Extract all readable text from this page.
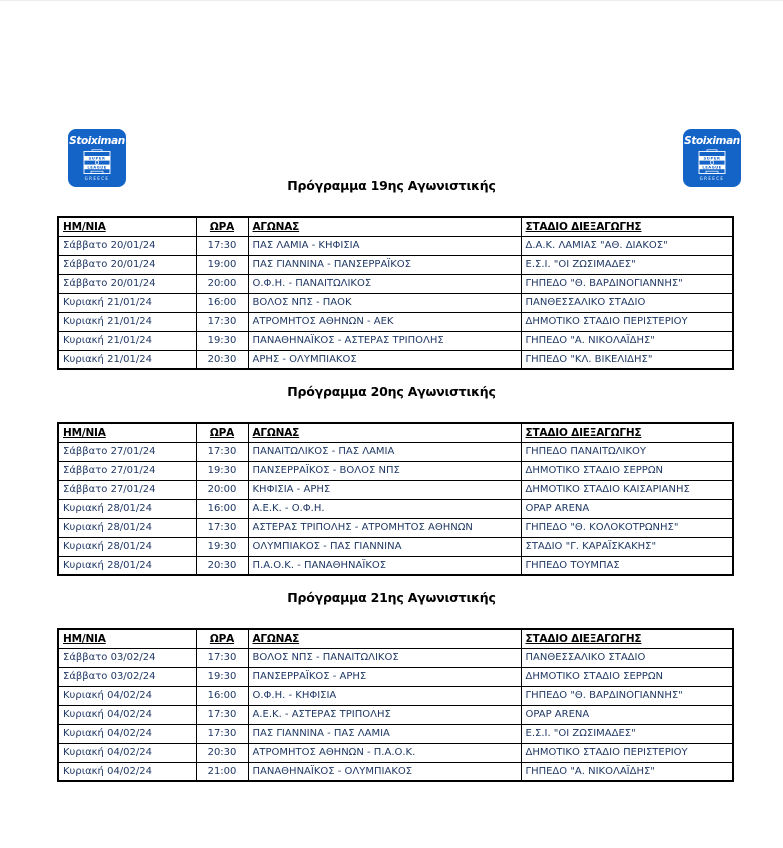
Stoiximan
SUPER
LEAGUE
GREECE
Stoiximan
SUPER
LEAGUE
GREECE
Πρόγραμμα 19ης Αγωνιστικής
ΗΜ/ΝΙΑ	ΩΡΑ	ΑΓΩΝΑΣ	ΣΤΑΔΙΟ ΔΙΕΞΑΓΩΓΗΣ
Σάββατο 20/01/24	17:30	ΠΑΣ ΛΑΜΙΑ - ΚΗΦΙΣΙΑ	Δ.Α.Κ. ΛΑΜΙΑΣ "ΑΘ. ΔΙΑΚΟΣ"
Σάββατο 20/01/24	19:00	ΠΑΣ ΓΙΑΝΝΙΝΑ - ΠΑΝΣΕΡΡΑΪΚΟΣ	Ε.Σ.Ι. "ΟΙ ΖΩΣΙΜΑΔΕΣ"
Σάββατο 20/01/24	20:00	Ο.Φ.Η. - ΠΑΝΑΙΤΩΛΙΚΟΣ	ΓΗΠΕΔΟ "Θ. ΒΑΡΔΙΝΟΓΙΑΝΝΗΣ"
Κυριακή 21/01/24	16:00	ΒΟΛΟΣ ΝΠΣ - ΠΑΟΚ	ΠΑΝΘΕΣΣΑΛΙΚΟ ΣΤΑΔΙΟ
Κυριακή 21/01/24	17:30	ΑΤΡΟΜΗΤΟΣ ΑΘΗΝΩΝ - ΑΕΚ	ΔΗΜΟΤΙΚΟ ΣΤΑΔΙΟ ΠΕΡΙΣΤΕΡΙΟΥ
Κυριακή 21/01/24	19:30	ΠΑΝΑΘΗΝΑΪΚΟΣ - ΑΣΤΕΡΑΣ ΤΡΙΠΟΛΗΣ	ΓΗΠΕΔΟ "Α. ΝΙΚΟΛΑΪΔΗΣ"
Κυριακή 21/01/24	20:30	ΑΡΗΣ - ΟΛΥΜΠΙΑΚΟΣ	ΓΗΠΕΔΟ "ΚΛ. ΒΙΚΕΛΙΔΗΣ"
Πρόγραμμα 20ης Αγωνιστικής
ΗΜ/ΝΙΑ	ΩΡΑ	ΑΓΩΝΑΣ	ΣΤΑΔΙΟ ΔΙΕΞΑΓΩΓΗΣ
Σάββατο 27/01/24	17:30	ΠΑΝΑΙΤΩΛΙΚΟΣ - ΠΑΣ ΛΑΜΙΑ	ΓΗΠΕΔΟ ΠΑΝΑΙΤΩΛΙΚΟΥ
Σάββατο 27/01/24	19:30	ΠΑΝΣΕΡΡΑΪΚΟΣ - ΒΟΛΟΣ ΝΠΣ	ΔΗΜΟΤΙΚΟ ΣΤΑΔΙΟ ΣΕΡΡΩΝ
Σάββατο 27/01/24	20:00	ΚΗΦΙΣΙΑ - ΑΡΗΣ	ΔΗΜΟΤΙΚΟ ΣΤΑΔΙΟ ΚΑΙΣΑΡΙΑΝΗΣ
Κυριακή 28/01/24	16:00	Α.Ε.Κ. - Ο.Φ.Η.	OPAP ARENA
Κυριακή 28/01/24	17:30	ΑΣΤΕΡΑΣ ΤΡΙΠΟΛΗΣ - ΑΤΡΟΜΗΤΟΣ ΑΘΗΝΩΝ	ΓΗΠΕΔΟ "Θ. ΚΟΛΟΚΟΤΡΩΝΗΣ"
Κυριακή 28/01/24	19:30	ΟΛΥΜΠΙΑΚΟΣ - ΠΑΣ ΓΙΑΝΝΙΝΑ	ΣΤΑΔΙΟ "Γ. ΚΑΡΑΪΣΚΑΚΗΣ"
Κυριακή 28/01/24	20:30	Π.Α.Ο.Κ. - ΠΑΝΑΘΗΝΑΪΚΟΣ	ΓΗΠΕΔΟ ΤΟΥΜΠΑΣ
Πρόγραμμα 21ης Αγωνιστικής
ΗΜ/ΝΙΑ	ΩΡΑ	ΑΓΩΝΑΣ	ΣΤΑΔΙΟ ΔΙΕΞΑΓΩΓΗΣ
Σάββατο 03/02/24	17:30	ΒΟΛΟΣ ΝΠΣ - ΠΑΝΑΙΤΩΛΙΚΟΣ	ΠΑΝΘΕΣΣΑΛΙΚΟ ΣΤΑΔΙΟ
Σάββατο 03/02/24	19:30	ΠΑΝΣΕΡΡΑΪΚΟΣ - ΑΡΗΣ	ΔΗΜΟΤΙΚΟ ΣΤΑΔΙΟ ΣΕΡΡΩΝ
Κυριακή 04/02/24	16:00	Ο.Φ.Η. - ΚΗΦΙΣΙΑ	ΓΗΠΕΔΟ "Θ. ΒΑΡΔΙΝΟΓΙΑΝΝΗΣ"
Κυριακή 04/02/24	17:30	Α.Ε.Κ. - ΑΣΤΕΡΑΣ ΤΡΙΠΟΛΗΣ	OPAP ARENA
Κυριακή 04/02/24	17:30	ΠΑΣ ΓΙΑΝΝΙΝΑ - ΠΑΣ ΛΑΜΙΑ	Ε.Σ.Ι. "ΟΙ ΖΩΣΙΜΑΔΕΣ"
Κυριακή 04/02/24	20:30	ΑΤΡΟΜΗΤΟΣ ΑΘΗΝΩΝ - Π.Α.Ο.Κ.	ΔΗΜΟΤΙΚΟ ΣΤΑΔΙΟ ΠΕΡΙΣΤΕΡΙΟΥ
Κυριακή 04/02/24	21:00	ΠΑΝΑΘΗΝΑΪΚΟΣ - ΟΛΥΜΠΙΑΚΟΣ	ΓΗΠΕΔΟ "Α. ΝΙΚΟΛΑΪΔΗΣ"
